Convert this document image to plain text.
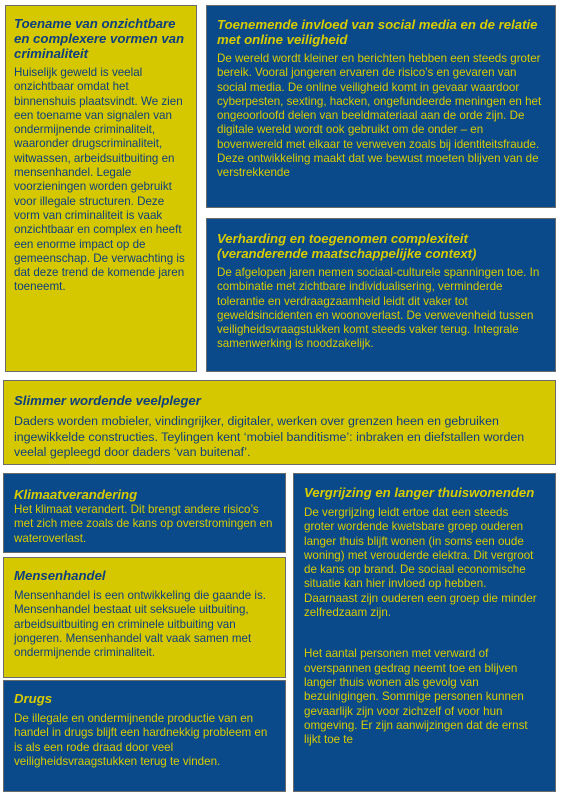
Toename van onzichtbare en complexere vormen van criminaliteit

Huiselijk geweld is veelal onzichtbaar omdat het binnenshuis plaatsvindt. We zien een toename van signalen van ondermijnende criminaliteit, waaronder drugscriminaliteit, witwassen, arbeidsuitbuiting en mensenhandel. Legale voorzieningen worden gebruikt voor illegale structuren. Deze vorm van criminaliteit is vaak onzichtbaar en complex en heeft een enorme impact op de gemeenschap. De verwachting is dat deze trend de komende jaren toeneemt.

Toenemende invloed van social media en de relatie met online veiligheid

De wereld wordt kleiner en berichten hebben een steeds groter bereik. Vooral jongeren ervaren de risico’s en gevaren van social media. De online veiligheid komt in gevaar waardoor cyberpesten, sexting, hacken, ongefundeerde meningen en het ongeoorloofd delen van beeldmateriaal aan de orde zijn. De digitale wereld wordt ook gebruikt om de onder – en bovenwereld met elkaar te verweven zoals bij identiteitsfraude. Deze ontwikkeling maakt dat we bewust moeten blijven van de verstrekkende

Verharding en toegenomen complexiteit (veranderende maatschappelijke context)

De afgelopen jaren nemen sociaal-culturele spanningen toe. In combinatie met zichtbare individualisering, verminderde tolerantie en verdraagzaamheid leidt dit vaker tot geweldsincidenten en woonoverlast. De verwevenheid tussen veiligheidsvraagstukken komt steeds vaker terug. Integrale samenwerking is noodzakelijk.

Slimmer wordende veelpleger

Daders worden mobieler, vindingrijker, digitaler, werken over grenzen heen en gebruiken ingewikkelde constructies. Teylingen kent ‘mobiel banditisme’: inbraken en diefstallen worden veelal gepleegd door daders ‘van buitenaf’.

Klimaatverandering

Het klimaat verandert. Dit brengt andere risico’s met zich mee zoals de kans op overstromingen en wateroverlast.

Mensenhandel

Mensenhandel is een ontwikkeling die gaande is. Mensenhandel bestaat uit seksuele uitbuiting, arbeidsuitbuiting en criminele uitbuiting van jongeren. Mensenhandel valt vaak samen met ondermijnende criminaliteit.

Drugs

De illegale en ondermijnende productie van en handel in drugs blijft een hardnekkig probleem en is als een rode draad door veel veiligheidsvraagstukken terug te vinden.

Vergrijzing en langer thuiswonenden

De vergrijzing leidt ertoe dat een steeds groter wordende kwetsbare groep ouderen langer thuis blijft wonen (in soms een oude woning) met verouderde elektra. Dit vergroot de kans op brand. De sociaal economische situatie kan hier invloed op hebben. Daarnaast zijn ouderen een groep die minder zelfredzaam zijn.

Het aantal personen met verward of overspannen gedrag neemt toe en blijven langer thuis wonen als gevolg van bezuinigingen. Sommige personen kunnen gevaarlijk zijn voor zichzelf of voor hun omgeving. Er zijn aanwijzingen dat de ernst lijkt toe te
